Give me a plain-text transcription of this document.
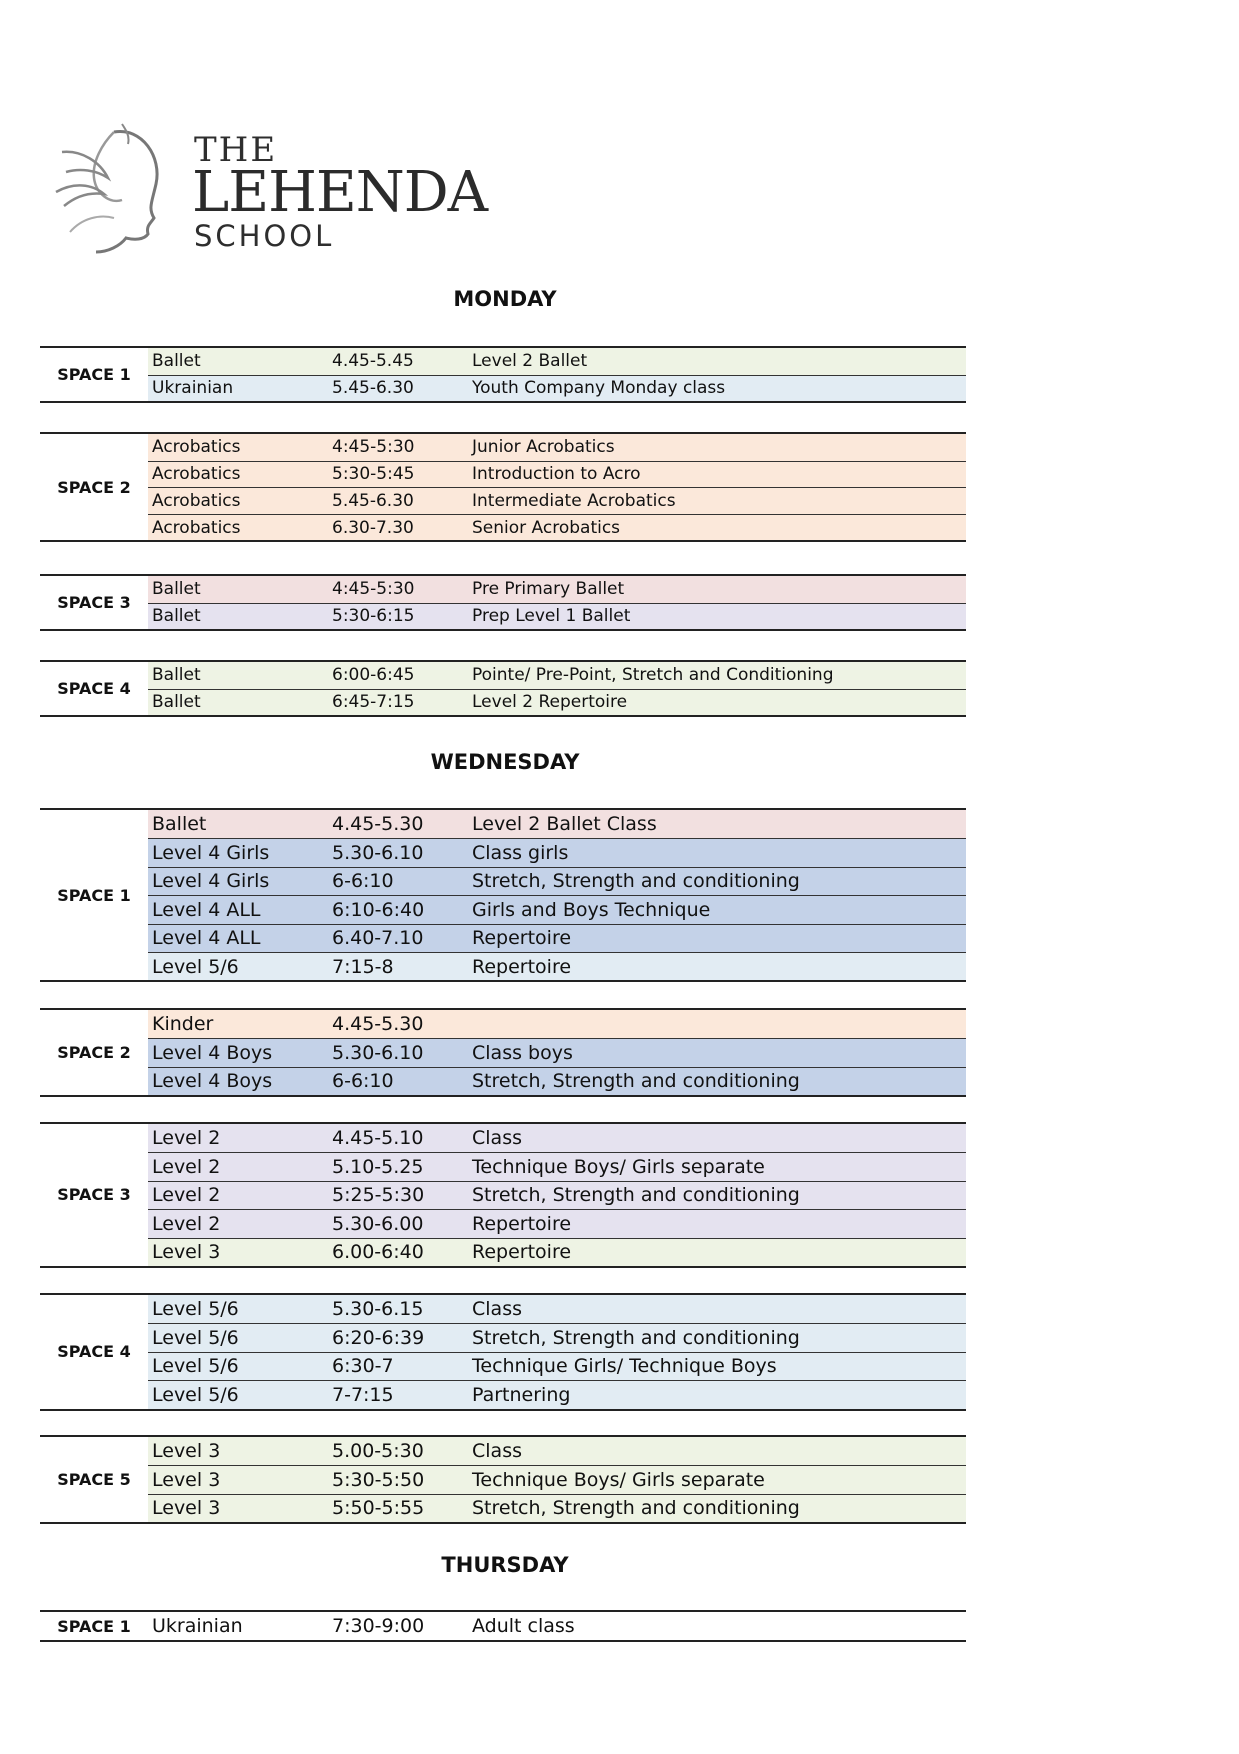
THE
LEHENDA
SCHOOL
MONDAY
SPACE 1
Ballet	4.45-5.45	Level 2 Ballet
Ukrainian	5.45-6.30	Youth Company Monday class
SPACE 2
Acrobatics	4:45-5:30	Junior Acrobatics
Acrobatics	5:30-5:45	Introduction to Acro
Acrobatics	5.45-6.30	Intermediate Acrobatics
Acrobatics	6.30-7.30	Senior Acrobatics
SPACE 3
Ballet	4:45-5:30	Pre Primary Ballet
Ballet	5:30-6:15	Prep Level 1 Ballet
SPACE 4
Ballet	6:00-6:45	Pointe/ Pre-Point, Stretch and Conditioning
Ballet	6:45-7:15	Level 2 Repertoire
WEDNESDAY
SPACE 1
Ballet	4.45-5.30	Level 2 Ballet Class
Level 4 Girls	5.30-6.10	Class girls
Level 4 Girls	6-6:10	Stretch, Strength and conditioning
Level 4 ALL	6:10-6:40	Girls and Boys Technique
Level 4 ALL	6.40-7.10	Repertoire
Level 5/6	7:15-8	Repertoire
SPACE 2
Kinder	4.45-5.30
Level 4 Boys	5.30-6.10	Class boys
Level 4 Boys	6-6:10	Stretch, Strength and conditioning
SPACE 3
Level 2	4.45-5.10	Class
Level 2	5.10-5.25	Technique Boys/ Girls separate
Level 2	5:25-5:30	Stretch, Strength and conditioning
Level 2	5.30-6.00	Repertoire
Level 3	6.00-6:40	Repertoire
SPACE 4
Level 5/6	5.30-6.15	Class
Level 5/6	6:20-6:39	Stretch, Strength and conditioning
Level 5/6	6:30-7	Technique Girls/ Technique Boys
Level 5/6	7-7:15	Partnering
SPACE 5
Level 3	5.00-5:30	Class
Level 3	5:30-5:50	Technique Boys/ Girls separate
Level 3	5:50-5:55	Stretch, Strength and conditioning
THURSDAY
SPACE 1	Ukrainian	7:30-9:00	Adult class
